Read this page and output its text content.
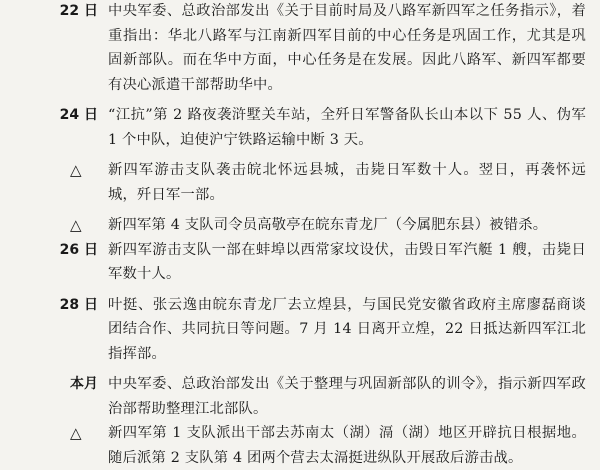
22 日 中央军委、总政治部发出《关于目前时局及八路军新四军之任务指示》，着重指出：华北八路军与江南新四军目前的中心任务是巩固工作，尤其是巩固新部队。而在华中方面，中心任务是在发展。因此八路军、新四军都要有决心派遣干部帮助华中。
24 日 “江抗”第 2 路夜袭浒墅关车站，全歼日军警备队长山本以下 55 人、伪军 1 个中队，迫使沪宁铁路运输中断 3 天。
△	新四军游击支队袭击皖北怀远县城，击毙日军数十人。翌日，再袭怀远城，歼日军一部。
△	新四军第 4 支队司令员高敬亭在皖东青龙厂（今属肥东县）被错杀。
26 日 新四军游击支队一部在蚌埠以西常家坟设伏，击毁日军汽艇 1 艘，击毙日军数十人。
28 日 叶挺、张云逸由皖东青龙厂去立煌县，与国民党安徽省政府主席廖磊商谈团结合作、共同抗日等问题。7 月 14 日离开立煌，22 日抵达新四军江北指挥部。
本月 中央军委、总政治部发出《关于整理与巩固新部队的训令》，指示新四军政治部帮助整理江北部队。
△	新四军第 1 支队派出干部去苏南太（湖）滆（湖）地区开辟抗日根据地。随后派第 2 支队第 4 团两个营去太滆挺进纵队开展敌后游击战。
